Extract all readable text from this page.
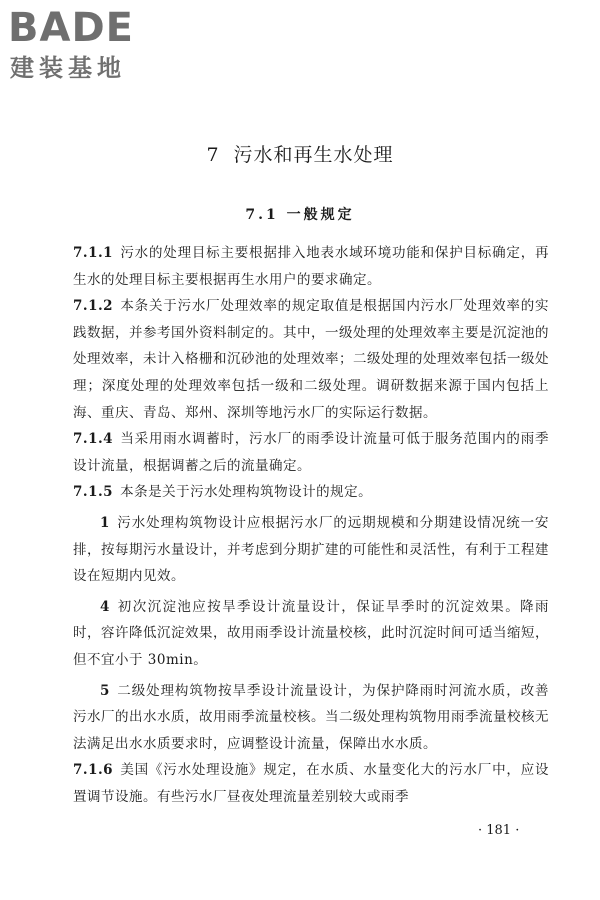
BADE
建装基地
7 污水和再生水处理
7.1 一般规定

7.1.1 污水的处理目标主要根据排入地表水域环境功能和保护目标确定，再生水的处理目标主要根据再生水用户的要求确定。

7.1.2 本条关于污水厂处理效率的规定取值是根据国内污水厂处理效率的实践数据，并参考国外资料制定的。其中，一级处理的处理效率主要是沉淀池的处理效率，未计入格栅和沉砂池的处理效率；二级处理的处理效率包括一级处理；深度处理的处理效率包括一级和二级处理。调研数据来源于国内包括上海、重庆、青岛、郑州、深圳等地污水厂的实际运行数据。

7.1.4 当采用雨水调蓄时，污水厂的雨季设计流量可低于服务范围内的雨季设计流量，根据调蓄之后的流量确定。

7.1.5 本条是关于污水处理构筑物设计的规定。

1 污水处理构筑物设计应根据污水厂的远期规模和分期建设情况统一安排，按每期污水量设计，并考虑到分期扩建的可能性和灵活性，有利于工程建设在短期内见效。

4 初次沉淀池应按旱季设计流量设计，保证旱季时的沉淀效果。降雨时，容许降低沉淀效果，故用雨季设计流量校核，此时沉淀时间可适当缩短，但不宜小于 30min。

5 二级处理构筑物按旱季设计流量设计，为保护降雨时河流水质，改善污水厂的出水水质，故用雨季流量校核。当二级处理构筑物用雨季流量校核无法满足出水水质要求时，应调整设计流量，保障出水水质。

7.1.6 美国《污水处理设施》规定，在水质、水量变化大的污水厂中，应设置调节设施。有些污水厂昼夜处理流量差别较大或雨季

· 181 ·
